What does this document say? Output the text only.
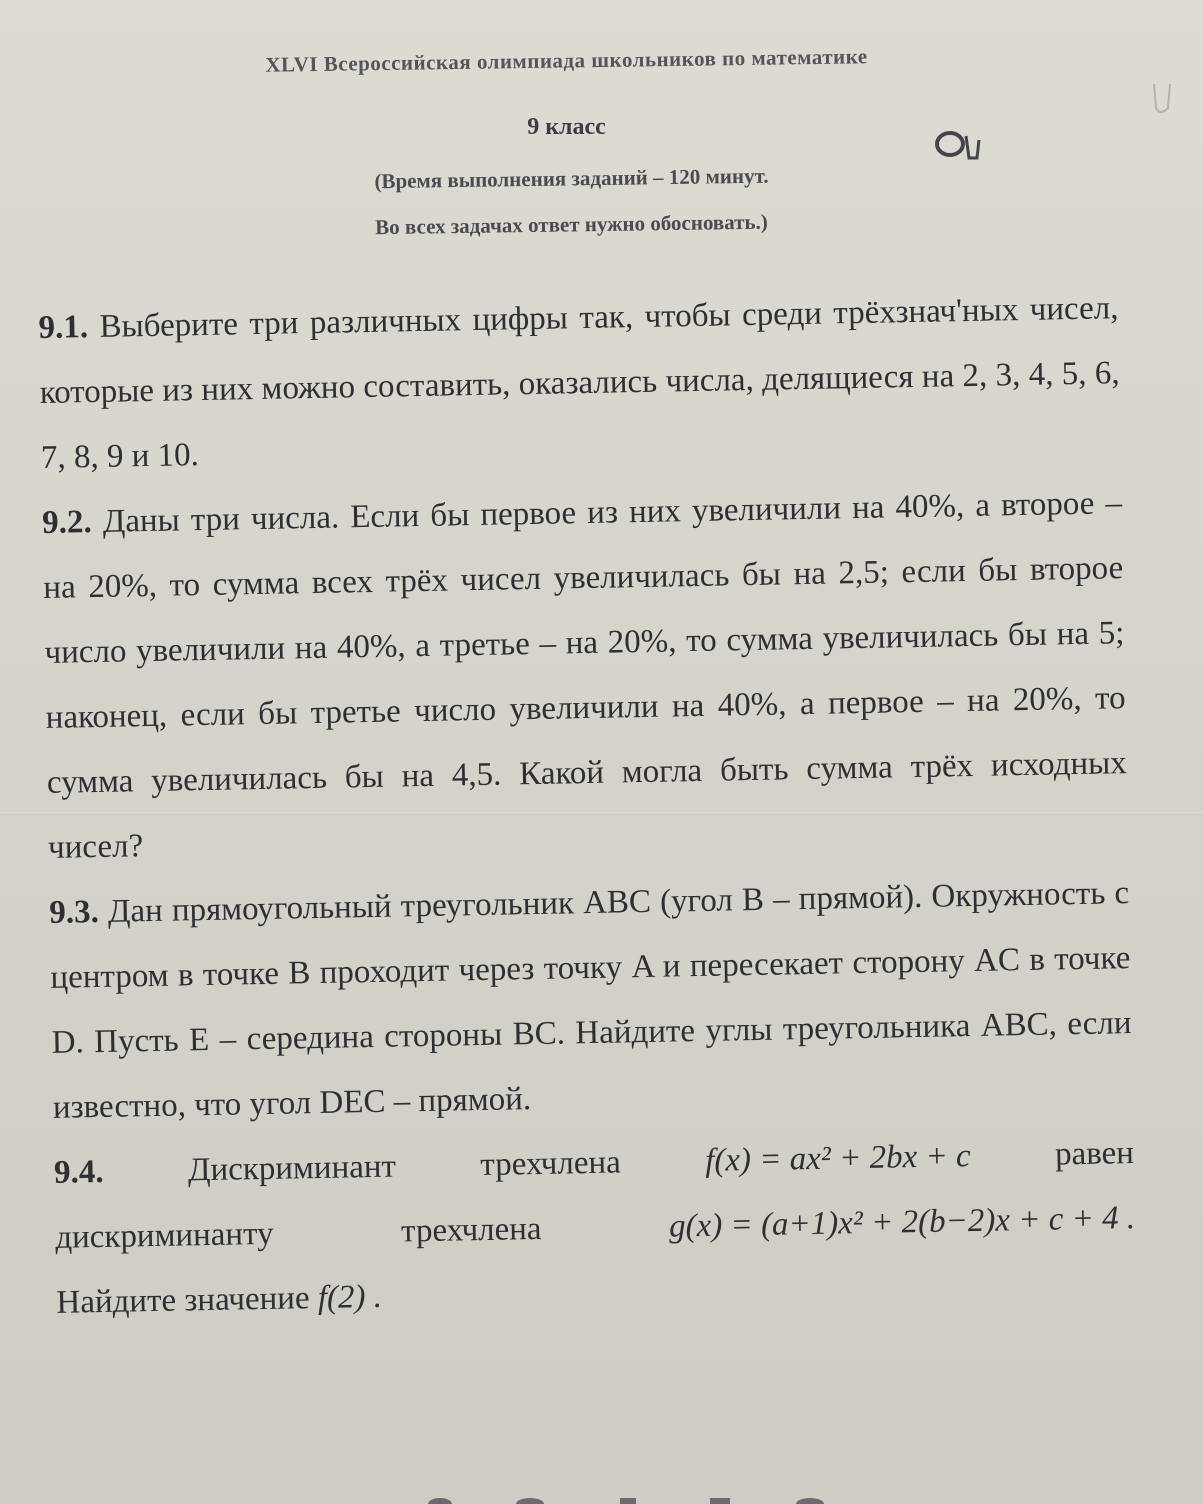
XLVI Всероссийская олимпиада школьников по математике
9 класс
(Время выполнения заданий – 120 минут.
Во всех задачах ответ нужно обосновать.)

9.1. Выберите три различных цифры так, чтобы среди трёхзнач'ных чисел, которые из них можно составить, оказались числа, делящиеся на 2, 3, 4, 5, 6, 7, 8, 9 и 10.

9.2. Даны три числа. Если бы первое из них увеличили на 40%, а второе – на 20%, то сумма всех трёх чисел увеличилась бы на 2,5; если бы второе число увеличили на 40%, а третье – на 20%, то сумма увеличилась бы на 5; наконец, если бы третье число увеличили на 40%, а первое – на 20%, то сумма увеличилась бы на 4,5. Какой могла быть сумма трёх исходных чисел?

9.3. Дан прямоугольный треугольник ABC (угол B – прямой). Окружность с центром в точке B проходит через точку A и пересекает сторону AC в точке D. Пусть E – середина стороны BC. Найдите углы треугольника ABC, если известно, что угол DEC – прямой.

9.4.	Дискриминант	трехчлена	f(x) = ax² + 2bx + c	равен
дискриминанту	трехчлена	g(x) = (a+1)x² + 2(b−2)x + c + 4 .
Найдите значение f(2) .
